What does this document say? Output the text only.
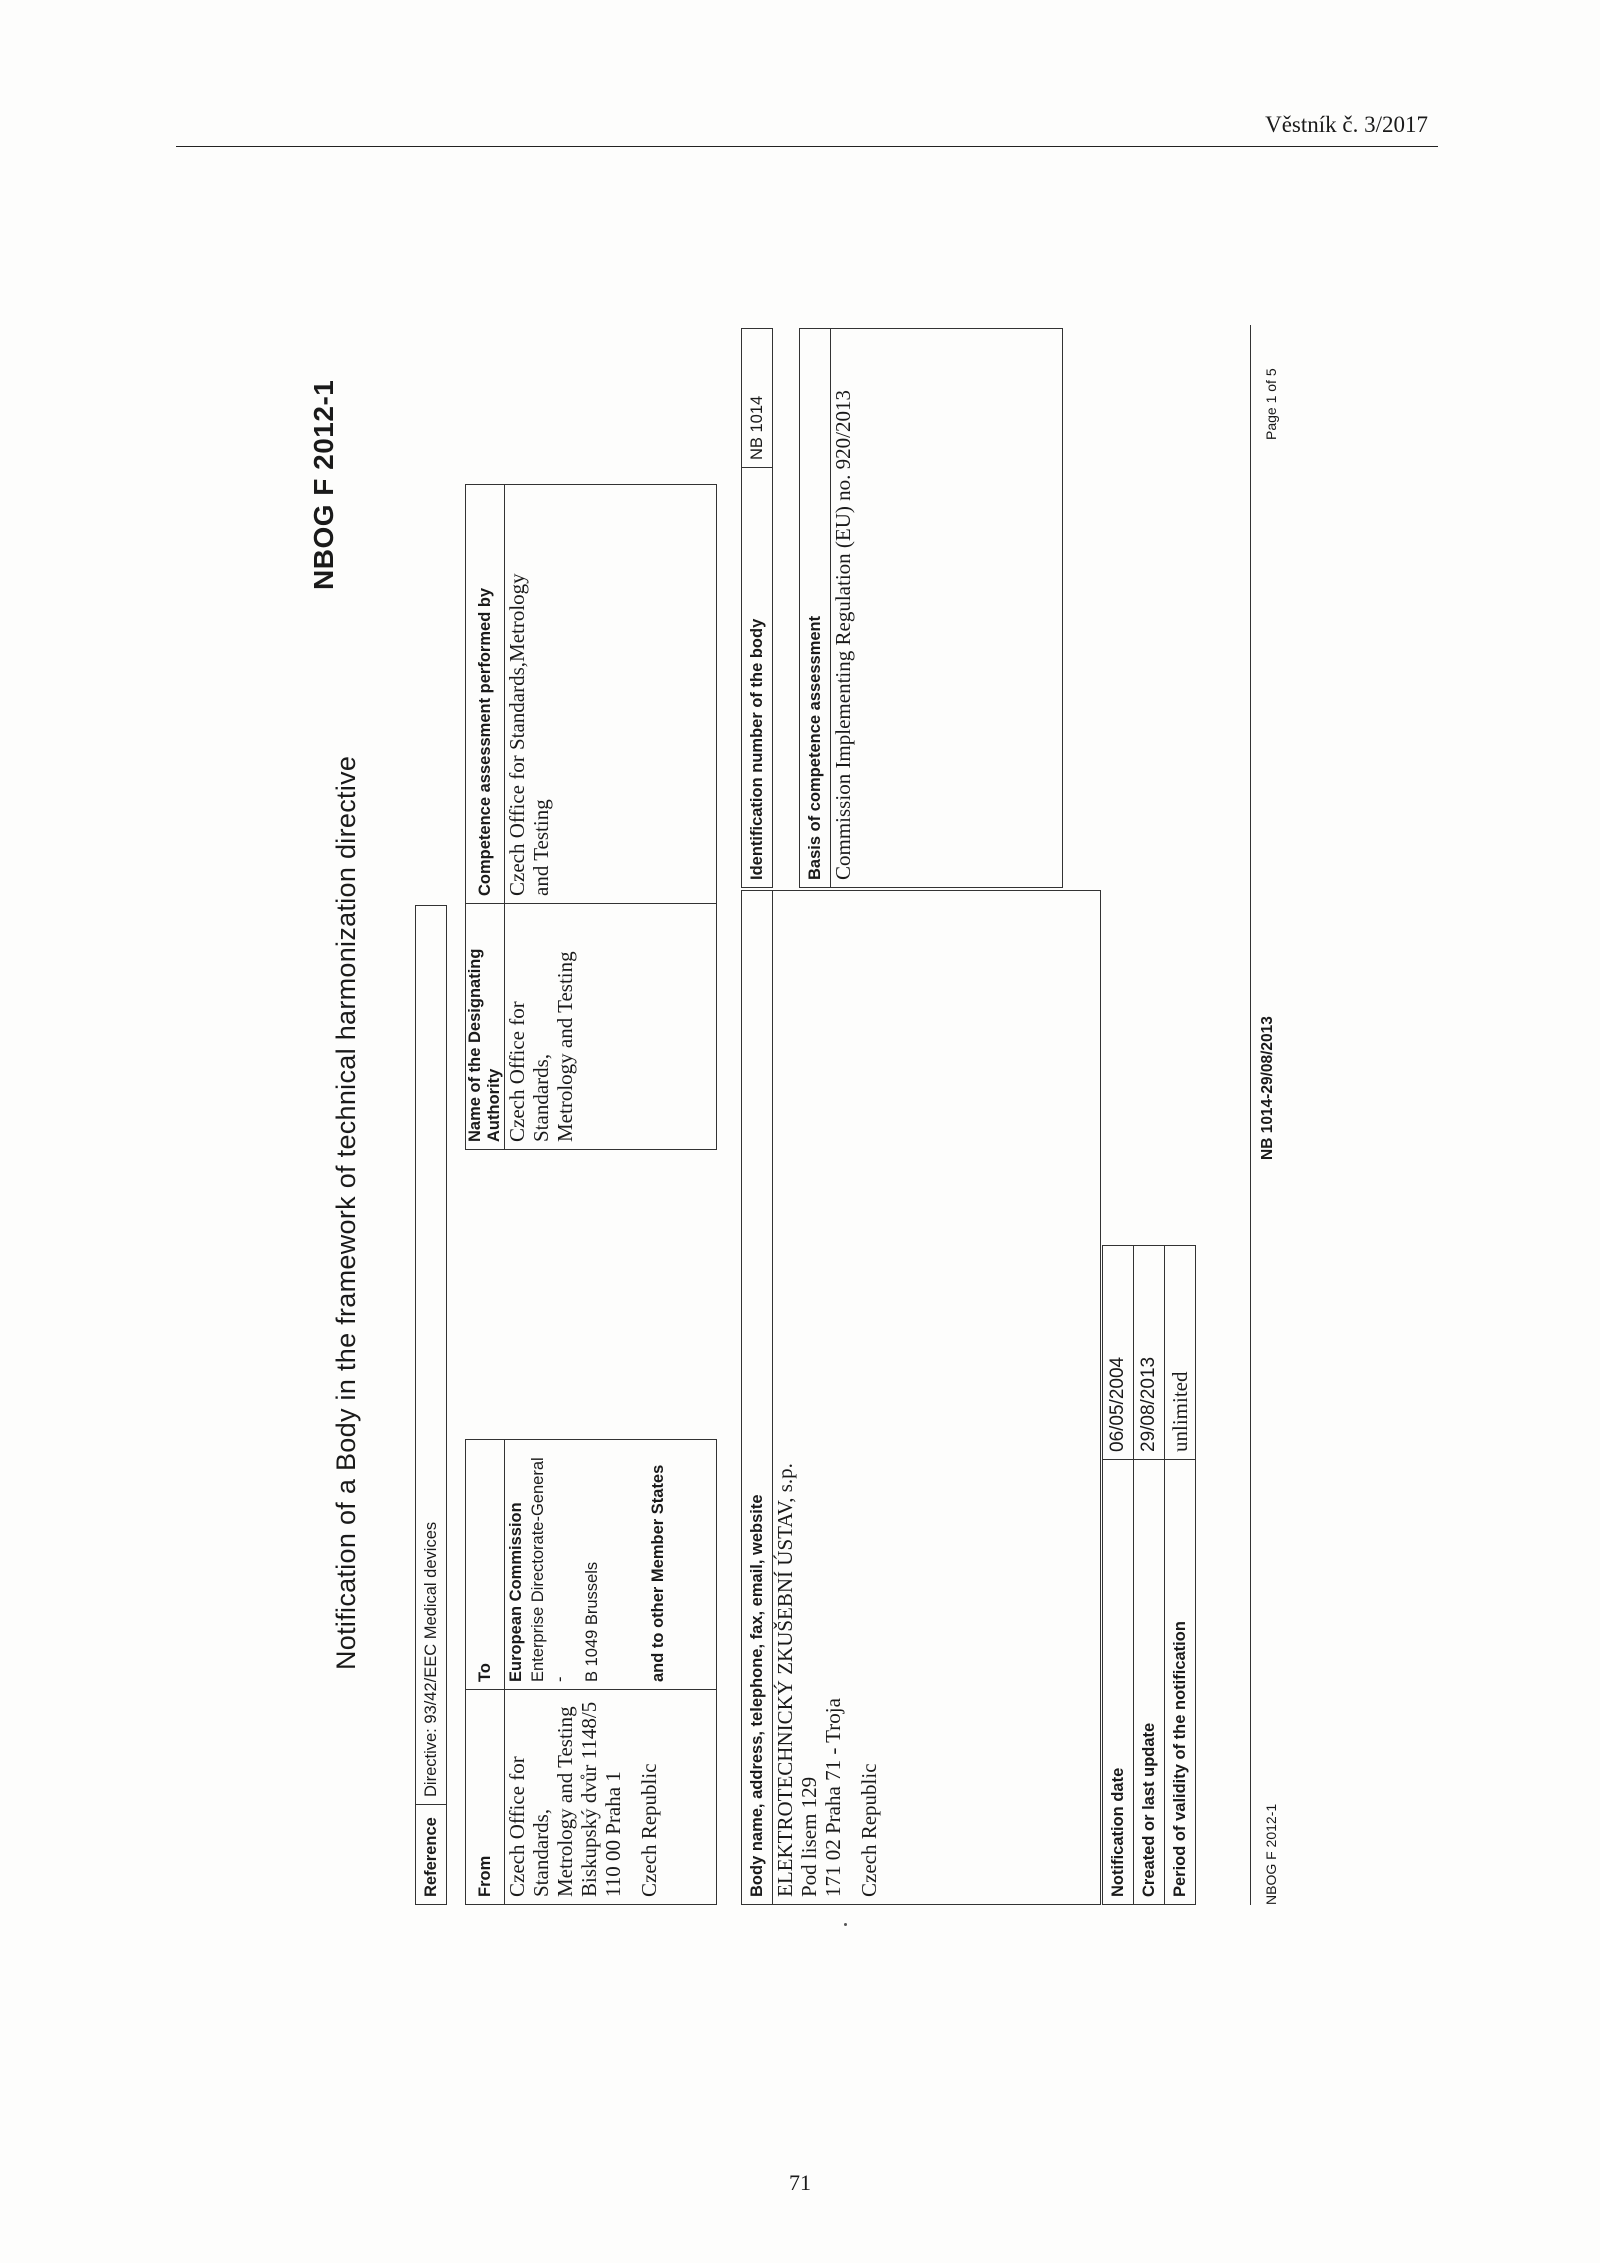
Věstník č. 3/2017
NBOG F 2012-1
Notification of a Body in the framework of technical harmonization directive
Reference	Directive: 93/42/EEC Medical devices
From	To		Name of the Designating Authority	Competence assessment performed by

Czech Office for Standards, Metrology and Testing Biskupský dvůr 1148/5 110 00 Praha 1 Czech Republic	European Commission Enterprise Directorate-General - B 1049 Brussels and to other Member States		Czech Office for Standards, Metrology and Testing	Czech Office for Standards,Metrology and Testing
Body name, address, telephone, fax, email, website

ELEKTROTECHNICKÝ ZKUŠEBNÍ ÚSTAV, s.p. Pod lisem 129 171 02 Praha 71 - Troja Czech Republic
Identification number of the body	NB 1014
Basis of competence assessment
Commission Implementing Regulation (EU) no. 920/2013
Notification date	06/05/2004
Created or last update	29/08/2013
Period of validity of the notification	unlimited
NBOG F 2012-1
NB 1014-29/08/2013
Page 1 of 5
71
